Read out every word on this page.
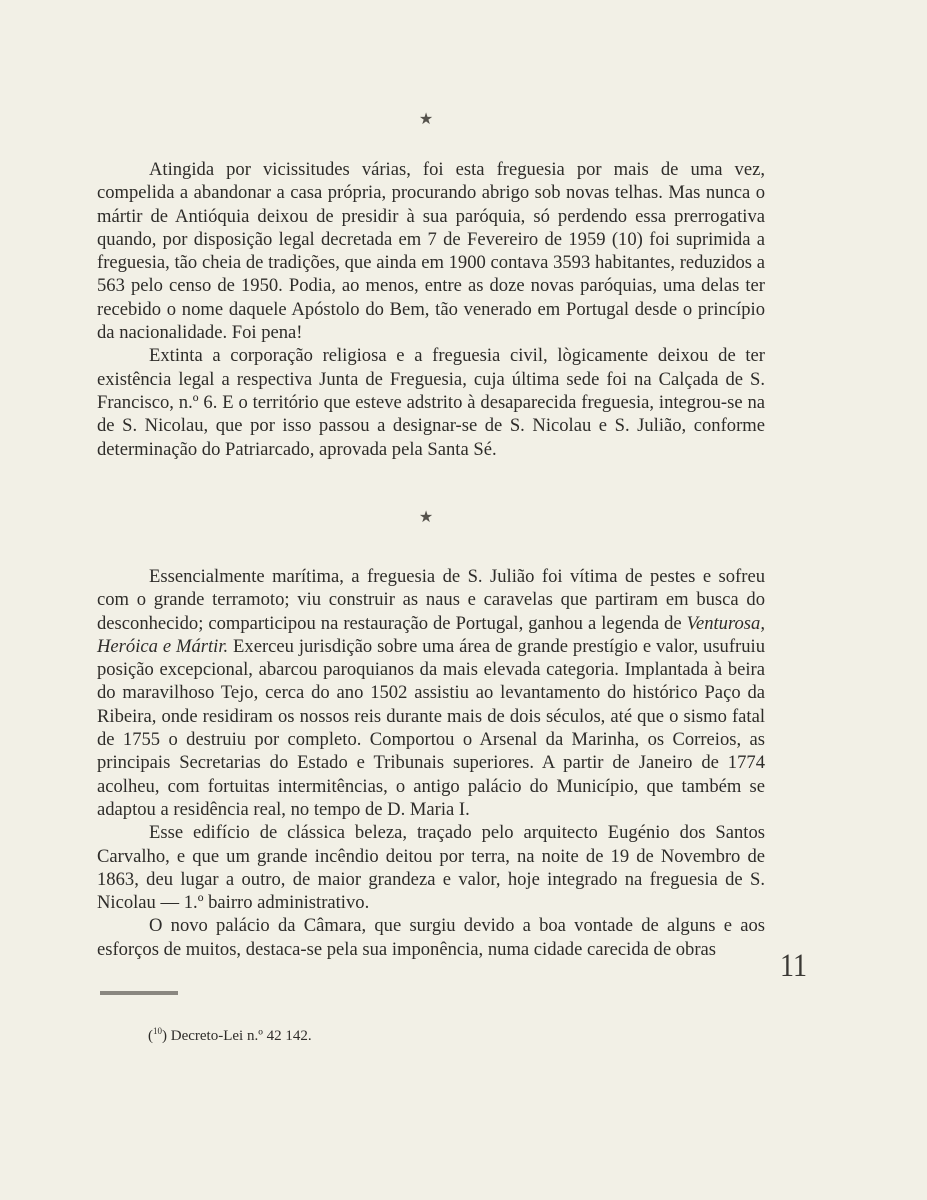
★

Atingida por vicissitudes várias, foi esta freguesia por mais de uma vez, compelida a abandonar a casa própria, procurando abrigo sob novas telhas. Mas nunca o mártir de Antióquia deixou de presidir à sua paróquia, só perdendo essa prerrogativa quando, por disposição legal decretada em 7 de Fevereiro de 1959 (10) foi suprimida a freguesia, tão cheia de tradições, que ainda em 1900 contava 3593 habitantes, reduzidos a 563 pelo censo de 1950. Podia, ao menos, entre as doze novas paróquias, uma delas ter recebido o nome daquele Apóstolo do Bem, tão venerado em Portugal desde o princípio da nacionalidade. Foi pena!

Extinta a corporação religiosa e a freguesia civil, lògicamente deixou de ter existência legal a respectiva Junta de Freguesia, cuja última sede foi na Calçada de S. Francisco, n.º 6. E o território que esteve adstrito à desaparecida freguesia, integrou-se na de S. Nicolau, que por isso passou a designar-se de S. Nicolau e S. Julião, conforme determinação do Patriarcado, aprovada pela Santa Sé.

★

Essencialmente marítima, a freguesia de S. Julião foi vítima de pestes e sofreu com o grande terramoto; viu construir as naus e caravelas que partiram em busca do desconhecido; comparticipou na restauração de Portugal, ganhou a legenda de Venturosa, Heróica e Mártir. Exerceu jurisdição sobre uma área de grande prestígio e valor, usufruiu posição excepcional, abarcou paroquianos da mais elevada categoria. Implantada à beira do maravilhoso Tejo, cerca do ano 1502 assistiu ao levantamento do histórico Paço da Ribeira, onde residiram os nossos reis durante mais de dois séculos, até que o sismo fatal de 1755 o destruiu por completo. Comportou o Arsenal da Marinha, os Correios, as principais Secretarias do Estado e Tribunais superiores. A partir de Janeiro de 1774 acolheu, com fortuitas intermitências, o antigo palácio do Município, que também se adaptou a residência real, no tempo de D. Maria I.

Esse edifício de clássica beleza, traçado pelo arquitecto Eugénio dos Santos Carvalho, e que um grande incêndio deitou por terra, na noite de 19 de Novembro de 1863, deu lugar a outro, de maior grandeza e valor, hoje integrado na freguesia de S. Nicolau — 1.º bairro administrativo.

O novo palácio da Câmara, que surgiu devido a boa vontade de alguns e aos esforços de muitos, destaca-se pela sua imponência, numa cidade carecida de obras	11
($^{10}$) Decreto-Lei n.º 42 142.
